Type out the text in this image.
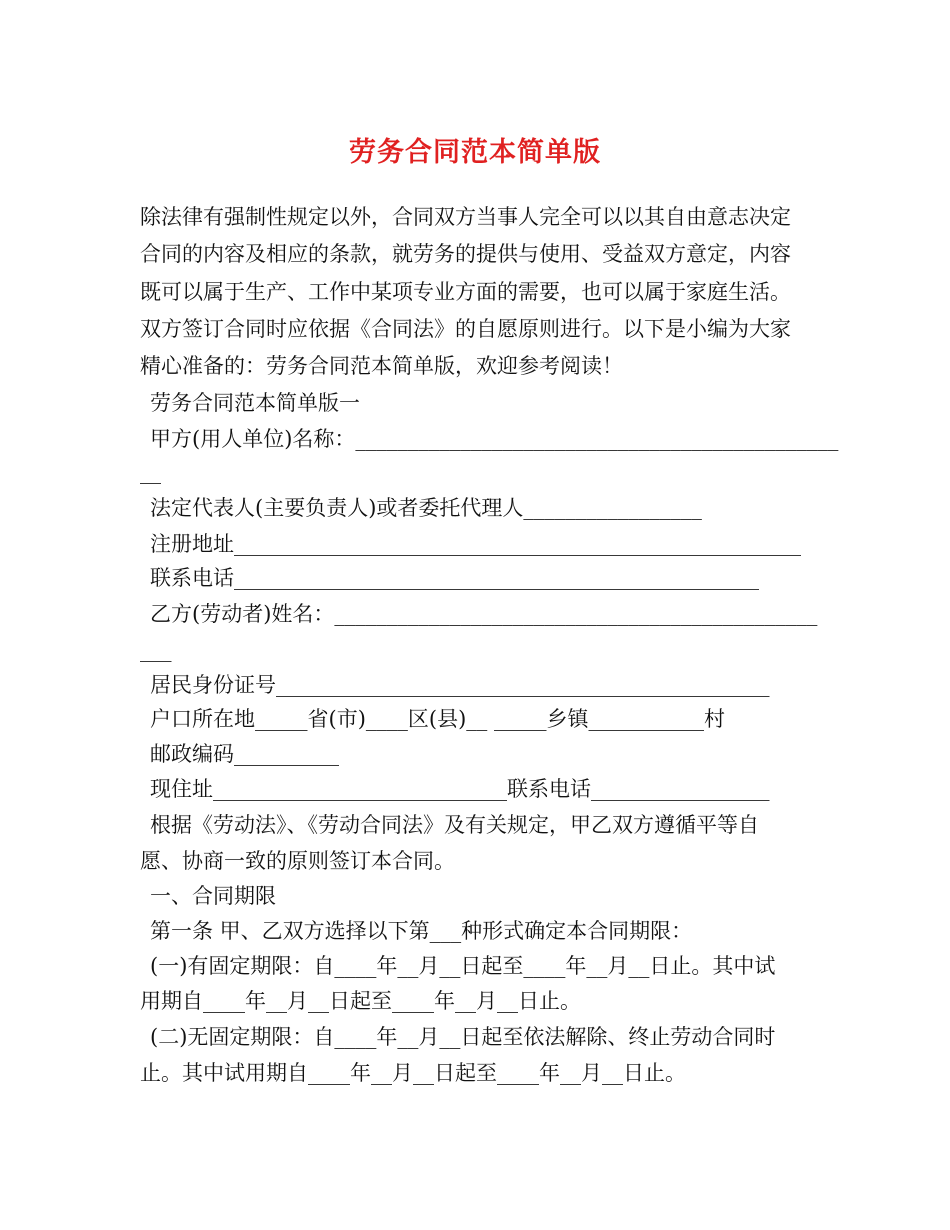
劳务合同范本简单版
除法律有强制性规定以外，合同双方当事人完全可以以其自由意志决定
合同的内容及相应的条款，就劳务的提供与使用、受益双方意定，内容
既可以属于生产、工作中某项专业方面的需要，也可以属于家庭生活。
双方签订合同时应依据《合同法》的自愿原则进行。以下是小编为大家
精心准备的：劳务合同范本简单版，欢迎参考阅读！
劳务合同范本简单版一
甲方(用人单位)名称：______________________________________________
__
法定代表人(主要负责人)或者委托代理人_________________
注册地址______________________________________________________
联系电话__________________________________________________
乙方(劳动者)姓名：______________________________________________
___
居民身份证号_______________________________________________
户口所在地_____省(市)____区(县)__ _____乡镇___________村
邮政编码__________
现住址____________________________联系电话_________________
根据《劳动法》、《劳动合同法》及有关规定，甲乙双方遵循平等自
愿、协商一致的原则签订本合同。
一、合同期限
第一条 甲、乙双方选择以下第___种形式确定本合同期限：
(一)有固定期限：自____年__月__日起至____年__月__日止。其中试
用期自____年__月__日起至____年__月__日止。
(二)无固定期限：自____年__月__日起至依法解除、终止劳动合同时
止。其中试用期自____年__月__日起至____年__月__日止。
